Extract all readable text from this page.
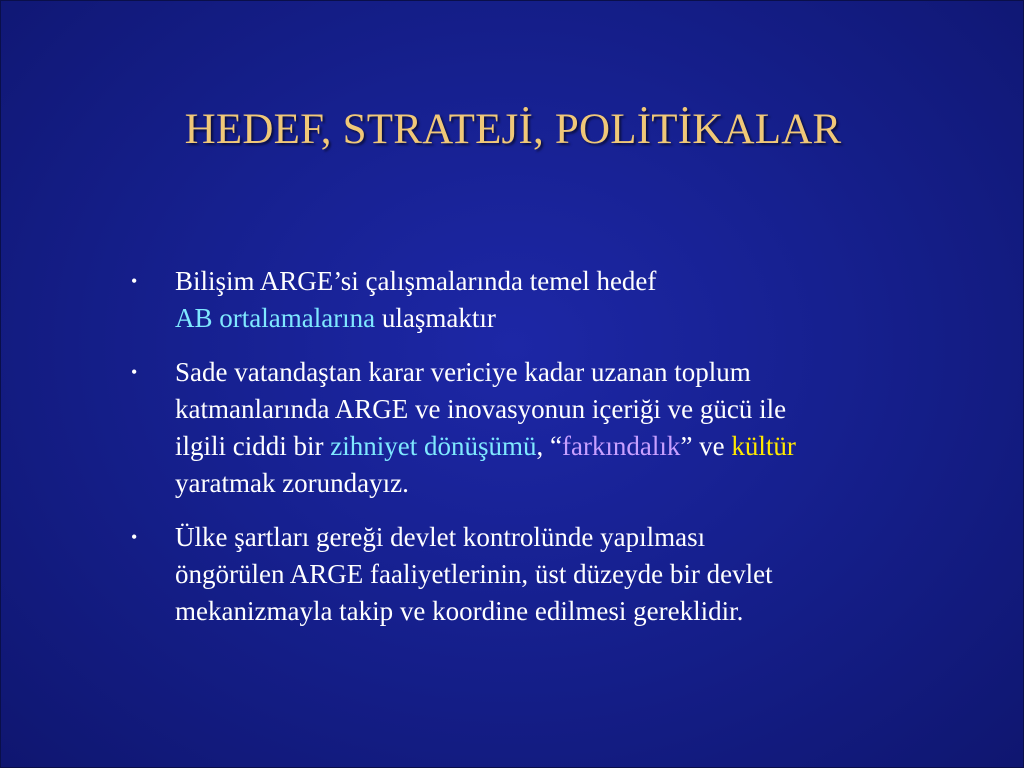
HEDEF, STRATEJİ, POLİTİKALAR
• Bilişim ARGE’si çalışmalarında temel hedef
AB ortalamalarına ulaşmaktır
• Sade vatandaştan karar vericiye kadar uzanan toplum
katmanlarında ARGE ve inovasyonun içeriği ve gücü ile
ilgili ciddi bir zihniyet dönüşümü, “farkındalık” ve kültür
yaratmak zorundayız.
• Ülke şartları gereği devlet kontrolünde yapılması
öngörülen ARGE faaliyetlerinin, üst düzeyde bir devlet
mekanizmayla takip ve koordine edilmesi gereklidir.
